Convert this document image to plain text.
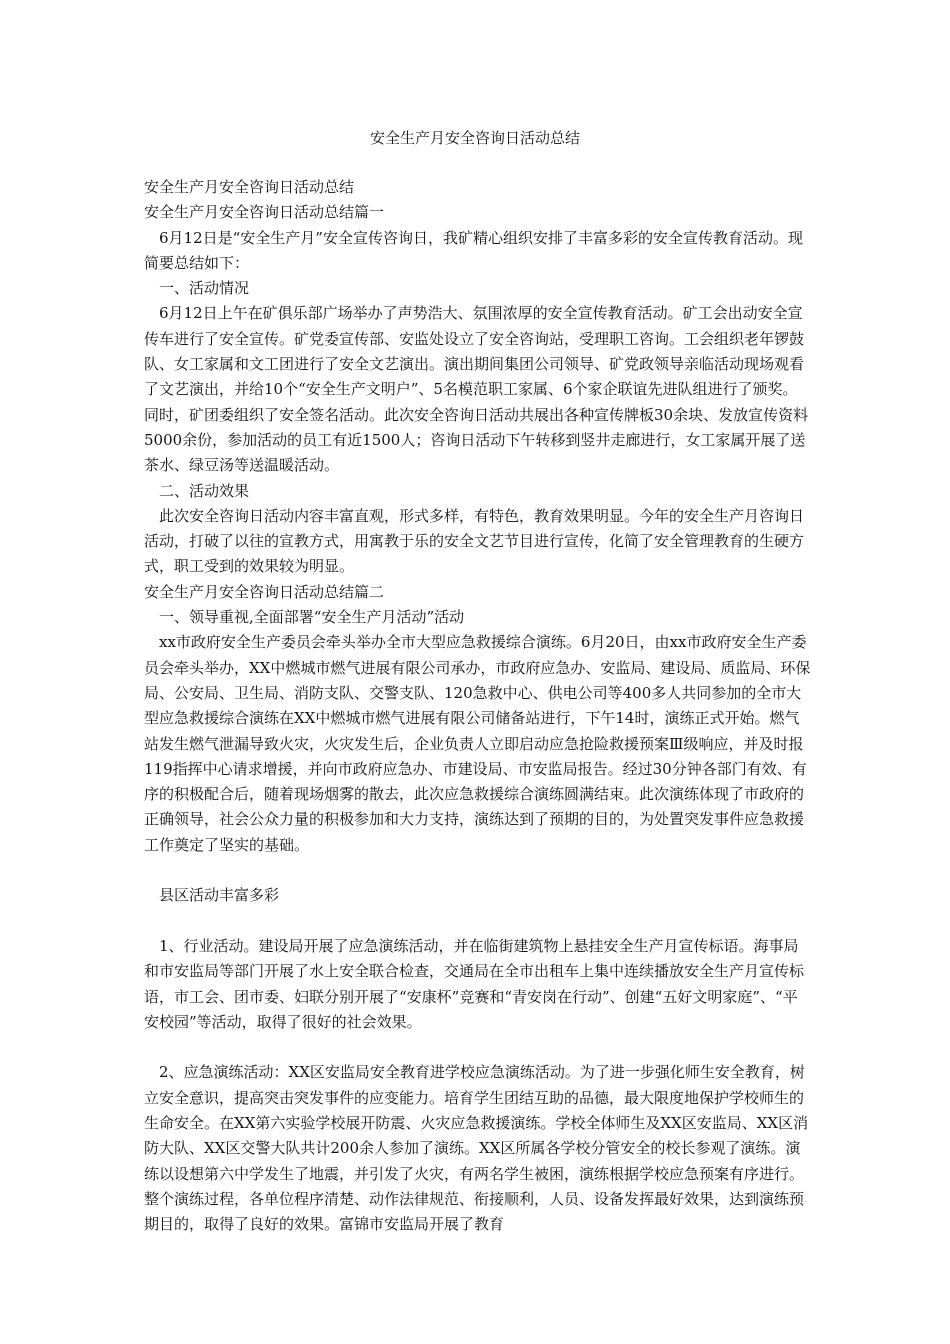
安全生产月安全咨询日活动总结

安全生产月安全咨询日活动总结

安全生产月安全咨询日活动总结篇一

6月12日是“安全生产月”安全宣传咨询日，我矿精心组织安排了丰富多彩的安全宣传教育活动。现简要总结如下：

一、活动情况

6月12日上午在矿俱乐部广场举办了声势浩大、氛围浓厚的安全宣传教育活动。矿工会出动安全宣传车进行了安全宣传。矿党委宣传部、安监处设立了安全咨询站，受理职工咨询。工会组织老年锣鼓队、女工家属和文工团进行了安全文艺演出。演出期间集团公司领导、矿党政领导亲临活动现场观看了文艺演出，并给10个“安全生产文明户”、5名模范职工家属、6个家企联谊先进队组进行了颁奖。同时，矿团委组织了安全签名活动。此次安全咨询日活动共展出各种宣传牌板30余块、发放宣传资料5000余份，参加活动的员工有近1500人；咨询日活动下午转移到竖井走廊进行，女工家属开展了送茶水、绿豆汤等送温暖活动。

二、活动效果

此次安全咨询日活动内容丰富直观，形式多样，有特色，教育效果明显。今年的安全生产月咨询日活动，打破了以往的宣教方式，用寓教于乐的安全文艺节目进行宣传，化简了安全管理教育的生硬方式，职工受到的效果较为明显。

安全生产月安全咨询日活动总结篇二

一、领导重视,全面部署“安全生产月活动”活动

xx市政府安全生产委员会牵头举办全市大型应急救援综合演练。6月20日，由xx市政府安全生产委员会牵头举办，XX中燃城市燃气进展有限公司承办，市政府应急办、安监局、建设局、质监局、环保局、公安局、卫生局、消防支队、交警支队、120急救中心、供电公司等400多人共同参加的全市大型应急救援综合演练在XX中燃城市燃气进展有限公司储备站进行，下午14时，演练正式开始。燃气站发生燃气泄漏导致火灾，火灾发生后，企业负责人立即启动应急抢险救援预案Ⅲ级响应，并及时报119指挥中心请求增援，并向市政府应急办、市建设局、市安监局报告。经过30分钟各部门有效、有序的积极配合后，随着现场烟雾的散去，此次应急救援综合演练圆满结束。此次演练体现了市政府的正确领导，社会公众力量的积极参加和大力支持，演练达到了预期的目的，为处置突发事件应急救援工作奠定了坚实的基础。

县区活动丰富多彩

1、行业活动。建设局开展了应急演练活动，并在临街建筑物上悬挂安全生产月宣传标语。海事局和市安监局等部门开展了水上安全联合检查，交通局在全市出租车上集中连续播放安全生产月宣传标语，市工会、团市委、妇联分别开展了“安康杯”竞赛和“青安岗在行动”、创建“五好文明家庭”、“平安校园”等活动，取得了很好的社会效果。

2、应急演练活动：XX区安监局安全教育进学校应急演练活动。为了进一步强化师生安全教育，树立安全意识，提高突击突发事件的应变能力。培育学生团结互助的品德，最大限度地保护学校师生的生命安全。在XX第六实验学校展开防震、火灾应急救援演练。学校全体师生及XX区安监局、XX区消防大队、XX区交警大队共计200余人参加了演练。XX区所属各学校分管安全的校长参观了演练。演练以设想第六中学发生了地震，并引发了火灾，有两名学生被困，演练根据学校应急预案有序进行。整个演练过程，各单位程序清楚、动作法律规范、衔接顺利，人员、设备发挥最好效果，达到演练预期目的，取得了良好的效果。富锦市安监局开展了教育
